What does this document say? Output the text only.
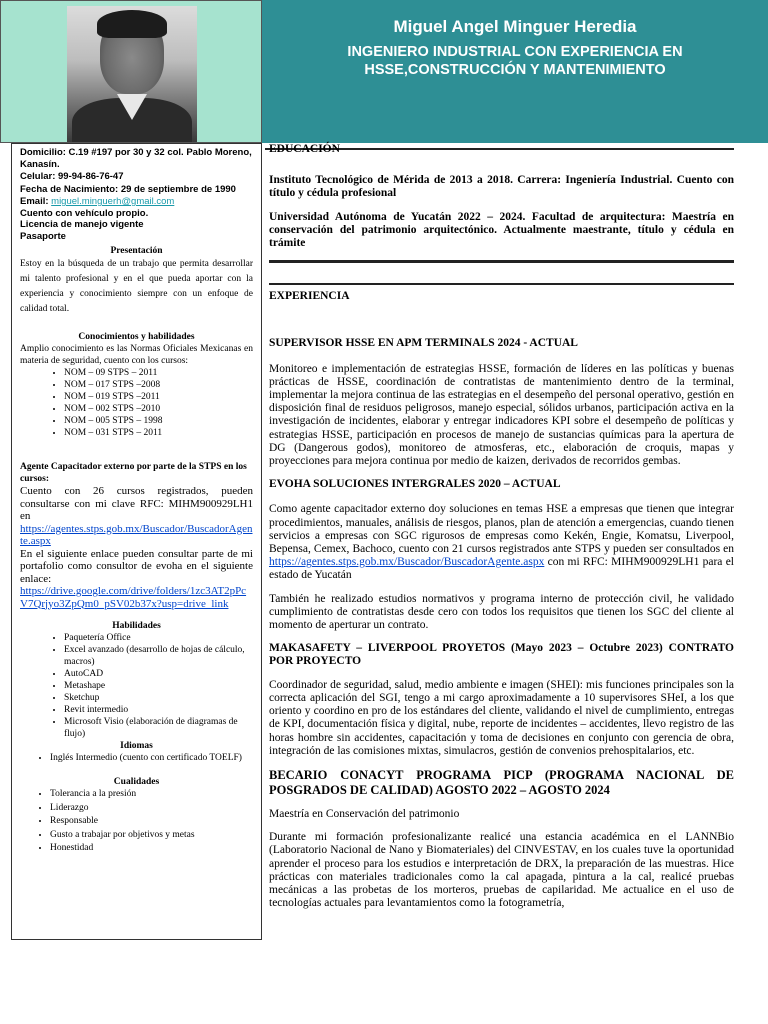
Miguel Angel Minguer Heredia
INGENIERO INDUSTRIAL CON EXPERIENCIA EN
HSSE,CONSTRUCCIÓN Y MANTENIMIENTO
Domicilio: C.19 #197 por 30 y 32 col. Pablo Moreno, Kanasín.
Celular: 99-94-86-76-47
Fecha de Nacimiento: 29 de septiembre de 1990
Email: miguel.minguerh@gmail.com
Cuento con vehículo propio.
Licencia de manejo vigente
Pasaporte
Presentación
Estoy en la búsqueda de un trabajo que permita desarrollar mi talento profesional y en el que pueda aportar con la experiencia y conocimiento siempre con un enfoque de calidad total.
Conocimientos y habilidades
Amplio conocimiento es las Normas Oficiales Mexicanas en materia de seguridad, cuento con los cursos:
• NOM – 09 STPS – 2011
• NOM – 017 STPS –2008
• NOM – 019 STPS –2011
• NOM – 002 STPS –2010
• NOM – 005 STPS – 1998
• NOM – 031 STPS – 2011
Agente Capacitador externo por parte de la STPS en los cursos:
Cuento con 26 cursos registrados, pueden consultarse con mi clave RFC: MIHM900929LH1 en
https://agentes.stps.gob.mx/Buscador/BuscadorAgente.aspx
En el siguiente enlace pueden consultar parte de mi portafolio como consultor de evoha en el siguiente enlace:
https://drive.google.com/drive/folders/1zc3AT2pPcV7Qrjyo3ZpQm0_pSV02b37x?usp=drive_link
Habilidades
• Paquetería Office
• Excel avanzado (desarrollo de hojas de cálculo, macros)
• AutoCAD
• Metashape
• Sketchup
• Revit intermedio
• Microsoft Visio (elaboración de diagramas de flujo)
Idiomas
• Inglés Intermedio (cuento con certificado TOELF)
Cualidades
• Tolerancia a la presión
• Liderazgo
• Responsable
• Gusto a trabajar por objetivos y metas
• Honestidad
EDUCACIÓN

Instituto Tecnológico de Mérida de 2013 a 2018. Carrera: Ingeniería Industrial. Cuento con título y cédula profesional

Universidad Autónoma de Yucatán 2022 – 2024. Facultad de arquitectura: Maestría en conservación del patrimonio arquitectónico. Actualmente maestrante, título y cédula en trámite

EXPERIENCIA

SUPERVISOR HSSE EN APM TERMINALS 2024 - ACTUAL

Monitoreo e implementación de estrategias HSSE, formación de líderes en las políticas y buenas prácticas de HSSE, coordinación de contratistas de mantenimiento dentro de la terminal, implementar la mejora continua de las estrategias en el desempeño del personal operativo, gestión en disposición final de residuos peligrosos, manejo especial, sólidos urbanos, participación activa en la investigación de incidentes, elaborar y entregar indicadores KPI sobre el desempeño de políticas y estrategias HSSE, participación en procesos de manejo de sustancias químicas para la apertura de DG (Dangerous godos), monitoreo de atmosferas, etc., elaboración de croquis, mapas y proyecciones para mejora continua por medio de kaizen, derivados de recorridos gembas.

EVOHA SOLUCIONES INTERGRALES 2020 – ACTUAL

Como agente capacitador externo doy soluciones en temas HSE a empresas que tienen que integrar procedimientos, manuales, análisis de riesgos, planos, plan de atención a emergencias, cuando tienen servicios a empresas con SGC rigurosos de empresas como Kekén, Engie, Komatsu, Liverpool, Bepensa, Cemex, Bachoco, cuento con 21 cursos registrados ante STPS y pueden ser consultados en https://agentes.stps.gob.mx/Buscador/BuscadorAgente.aspx con mi RFC: MIHM900929LH1 para el estado de Yucatán

También he realizado estudios normativos y programa interno de protección civil, he validado cumplimiento de contratistas desde cero con todos los requisitos que tienen los SGC del cliente al momento de aperturar un contrato.

MAKASAFETY – LIVERPOOL PROYETOS (Mayo 2023 – Octubre 2023) CONTRATO POR PROYECTO

Coordinador de seguridad, salud, medio ambiente e imagen (SHEI): mis funciones principales son la correcta aplicación del SGI, tengo a mi cargo aproximadamente a 10 supervisores SHeI, a los que oriento y coordino en pro de los estándares del cliente, validando el nivel de cumplimiento, entregas de KPI, documentación física y digital, nube, reporte de incidentes – accidentes, llevo registro de las horas hombre sin accidentes, capacitación y toma de decisiones en conjunto con gerencia de obra, integración de las comisiones mixtas, simulacros, gestión de convenios prehospitalarios, etc.

BECARIO CONACYT PROGRAMA PICP (PROGRAMA NACIONAL DE POSGRADOS DE CALIDAD) AGOSTO 2022 – AGOSTO 2024

Maestría en Conservación del patrimonio

Durante mi formación profesionalizante realicé una estancia académica en el LANNBio (Laboratorio Nacional de Nano y Biomateriales) del CINVESTAV, en los cuales tuve la oportunidad aprender el proceso para los estudios e interpretación de DRX, la preparación de las muestras. Hice prácticas con materiales tradicionales como la cal apagada, pintura a la cal, realicé pruebas mecánicas a las probetas de los morteros, pruebas de capilaridad. Me actualice en el uso de tecnologías actuales para levantamientos como la fotogrametría,
